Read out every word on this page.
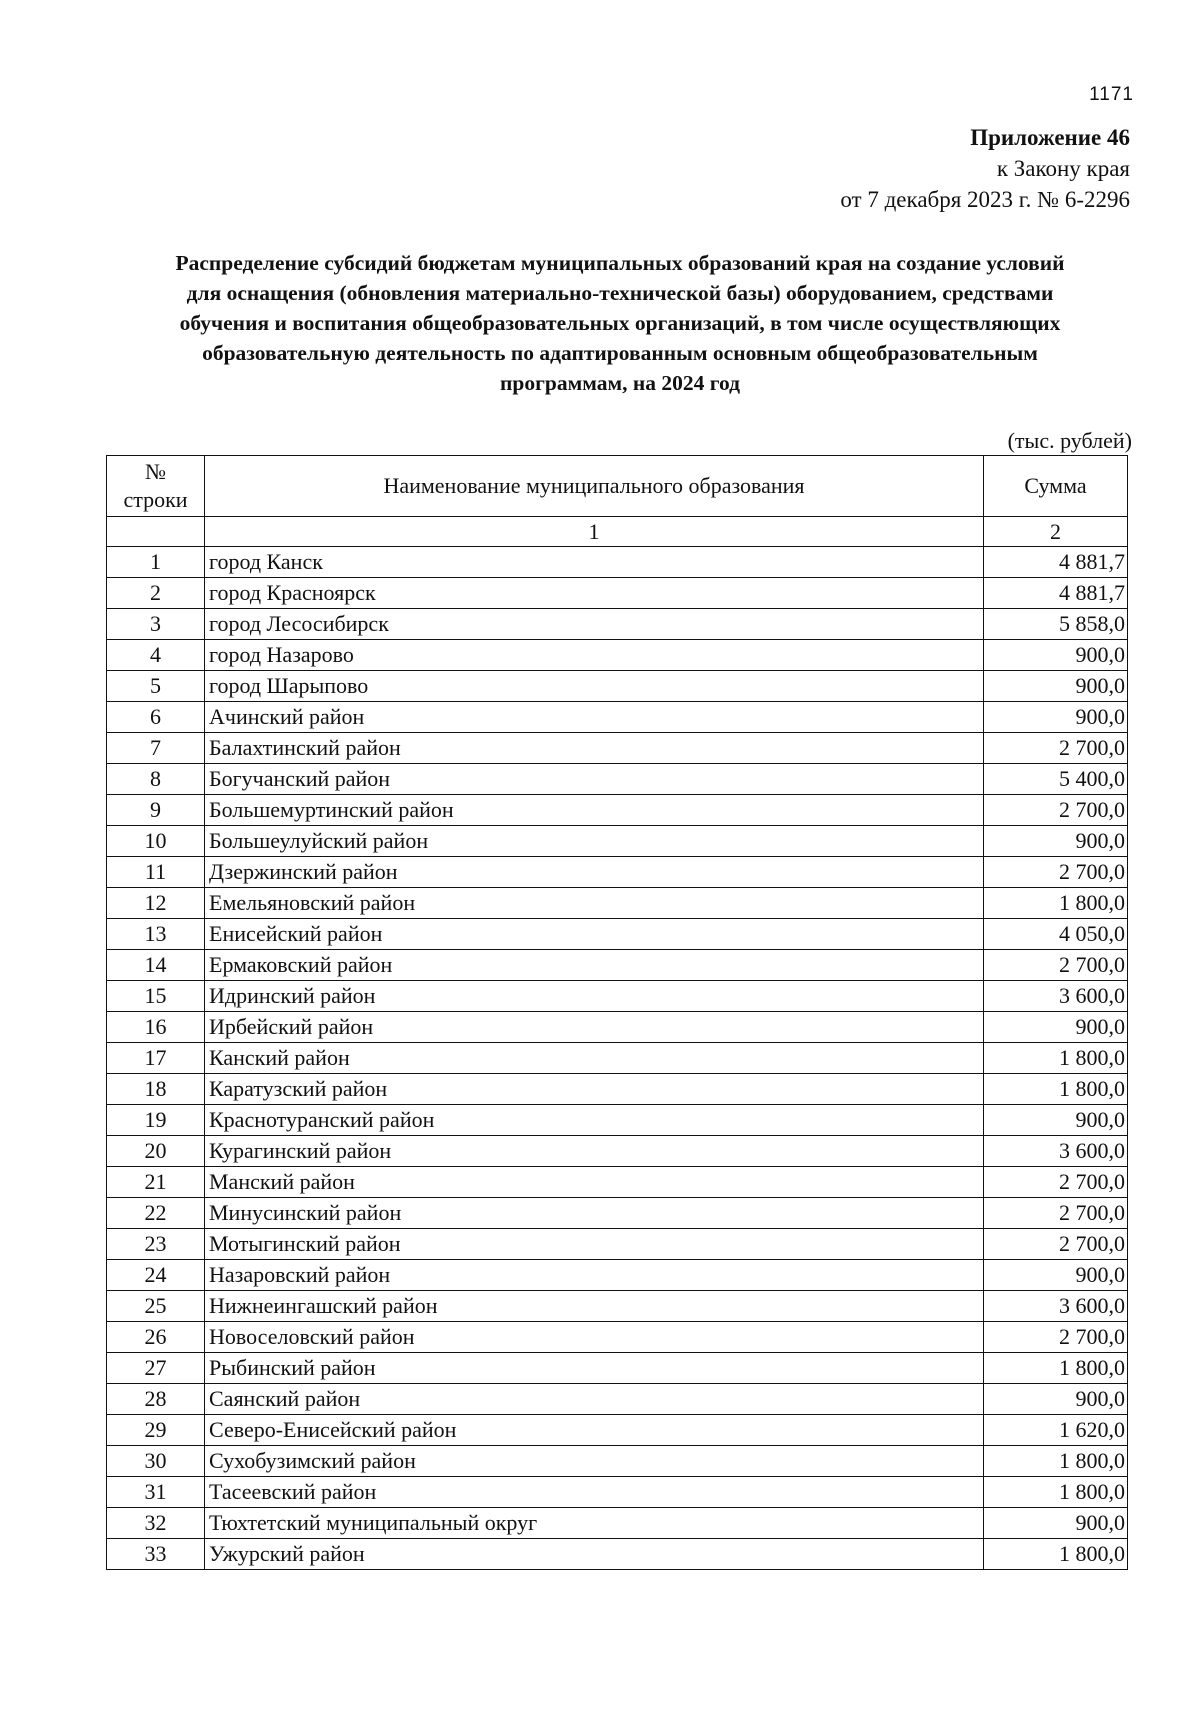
1171
Приложение 46
к Закону края
от 7 декабря 2023 г. № 6-2296
Распределение субсидий бюджетам муниципальных образований края на создание условий
для оснащения (обновления материально-технической базы) оборудованием, средствами
обучения и воспитания общеобразовательных организаций, в том числе осуществляющих
образовательную деятельность по адаптированным основным общеобразовательным
программам, на 2024 год
(тыс. рублей)
№
строки	Наименование муниципального образования	Сумма
	1	2
1	город Канск	4 881,7
2	город Красноярск	4 881,7
3	город Лесосибирск	5 858,0
4	город Назарово	900,0
5	город Шарыпово	900,0
6	Ачинский район	900,0
7	Балахтинский район	2 700,0
8	Богучанский район	5 400,0
9	Большемуртинский район	2 700,0
10	Большеулуйский район	900,0
11	Дзержинский район	2 700,0
12	Емельяновский район	1 800,0
13	Енисейский район	4 050,0
14	Ермаковский район	2 700,0
15	Идринский район	3 600,0
16	Ирбейский район	900,0
17	Канский район	1 800,0
18	Каратузский район	1 800,0
19	Краснотуранский район	900,0
20	Курагинский район	3 600,0
21	Манский район	2 700,0
22	Минусинский район	2 700,0
23	Мотыгинский район	2 700,0
24	Назаровский район	900,0
25	Нижнеингашский район	3 600,0
26	Новоселовский район	2 700,0
27	Рыбинский район	1 800,0
28	Саянский район	900,0
29	Северо-Енисейский район	1 620,0
30	Сухобузимский район	1 800,0
31	Тасеевский район	1 800,0
32	Тюхтетский муниципальный округ	900,0
33	Ужурский район	1 800,0
